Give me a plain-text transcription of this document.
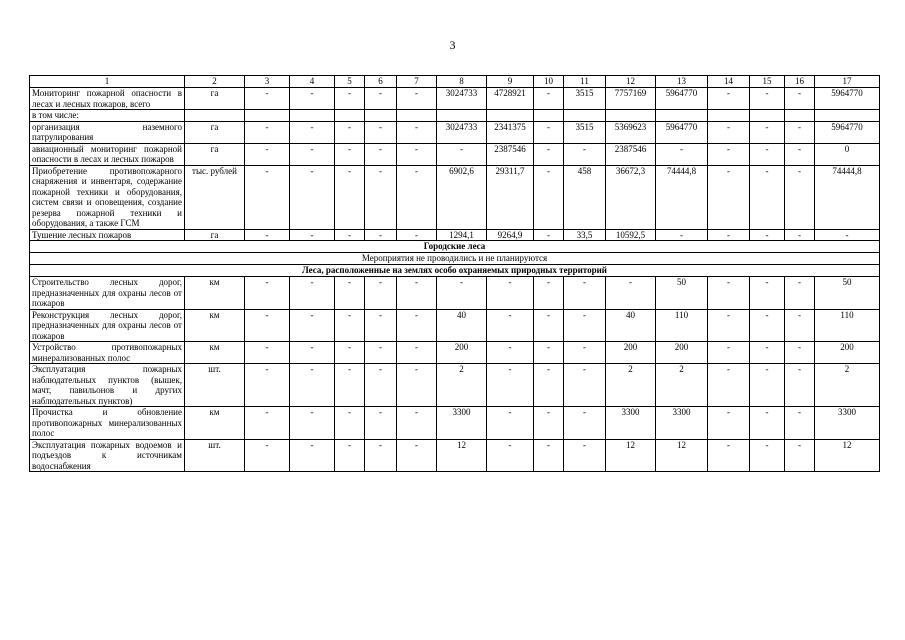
3
1	2	3	4	5	6	7	8	9	10	11	12	13	14	15	16	17
Мониторинг пожарной опасности в лесах и лесных пожаров, всего	га	-	-	-	-	-	3024733	4728921	-	3515	7757169	5964770	-	-	-	5964770
в том числе:																
организация наземного патрулирования	га	-	-	-	-	-	3024733	2341375	-	3515	5369623	5964770	-	-	-	5964770
авиационный мониторинг пожарной опасности в лесах и лесных пожаров	га	-	-	-	-	-	-	2387546	-	-	2387546	-	-	-	-	0
Приобретение противопожарного снаряжения и инвентаря, содержание пожарной техники и оборудования, систем связи и оповещения, создание резерва пожарной техники и оборудования, а также ГСМ	тыс. рублей	-	-	-	-	-	6902,6	29311,7	-	458	36672,3	74444,8	-	-	-	74444,8
Тушение лесных пожаров	га	-	-	-	-	-	1294,1	9264,9	-	33,5	10592,5	-	-	-	-	-
Городские леса																
Мероприятия не проводились и не планируются																
Леса, расположенные на землях особо охраняемых природных территорий																
Строительство лесных дорог, предназначенных для охраны лесов от пожаров	км	-	-	-	-	-	-	-	-	-	-	50	-	-	-	50
Реконструкция лесных дорог, предназначенных для охраны лесов от пожаров	км	-	-	-	-	-	40	-	-	-	40	110	-	-	-	110
Устройство противопожарных минерализованных полос	км	-	-	-	-	-	200	-	-	-	200	200	-	-	-	200
Эксплуатация пожарных наблюдательных пунктов (вышек, мачт, павильонов и других наблюдательных пунктов)	шт.	-	-	-	-	-	2	-	-	-	2	2	-	-	-	2
Прочистка и обновление противопожарных минерализованных полос	км	-	-	-	-	-	3300	-	-	-	3300	3300	-	-	-	3300
Эксплуатация пожарных водоемов и подъездов к источникам водоснабжения	шт.	-	-	-	-	-	12	-	-	-	12	12	-	-	-	12
